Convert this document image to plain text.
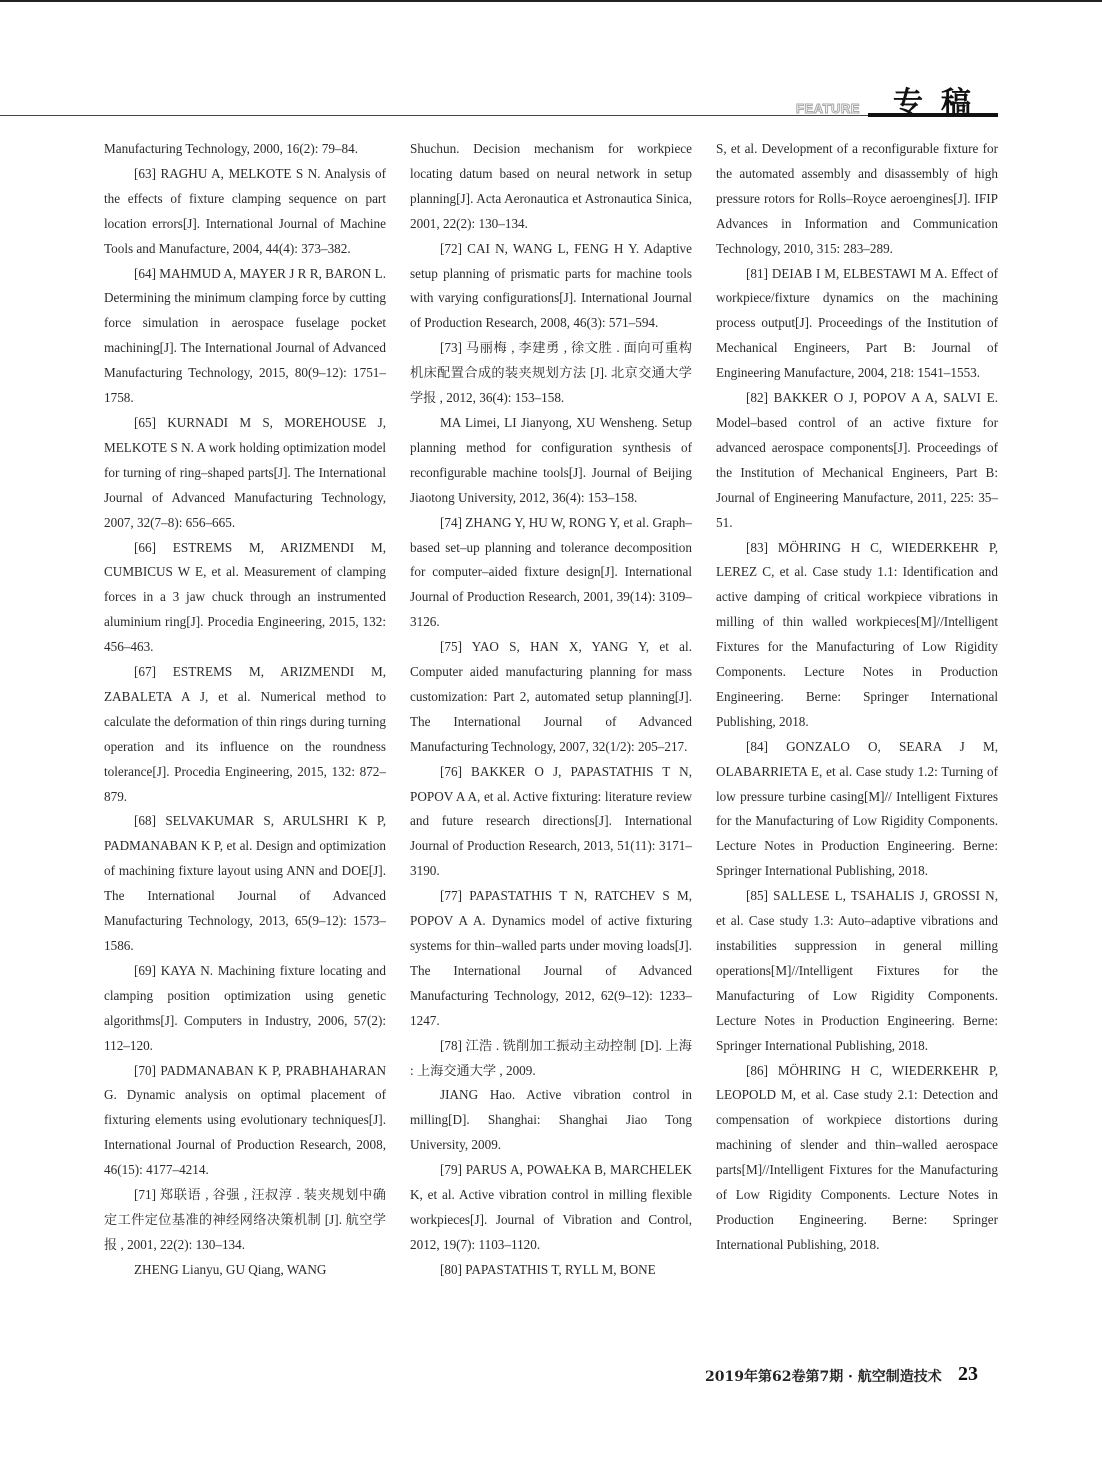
FEATURE 专稿

Manufacturing Technology, 2000, 16(2): 79–84.

[63] RAGHU A, MELKOTE S N. Analysis of the effects of fixture clamping sequence on part location errors[J]. International Journal of Machine Tools and Manufacture, 2004, 44(4): 373–382.

[64] MAHMUD A, MAYER J R R, BARON L. Determining the minimum clamping force by cutting force simulation in aerospace fuselage pocket machining[J]. The International Journal of Advanced Manufacturing Technology, 2015, 80(9–12): 1751–1758.

[65] KURNADI M S, MOREHOUSE J, MELKOTE S N. A work holding optimization model for turning of ring–shaped parts[J]. The International Journal of Advanced Manufacturing Technology, 2007, 32(7–8): 656–665.

[66] ESTREMS M, ARIZMENDI M, CUMBICUS W E, et al. Measurement of clamping forces in a 3 jaw chuck through an instrumented aluminium ring[J]. Procedia Engineering, 2015, 132: 456–463.

[67] ESTREMS M, ARIZMENDI M, ZABALETA A J, et al. Numerical method to calculate the deformation of thin rings during turning operation and its influence on the roundness tolerance[J]. Procedia Engineering, 2015, 132: 872–879.

[68] SELVAKUMAR S, ARULSHRI K P, PADMANABAN K P, et al. Design and optimization of machining fixture layout using ANN and DOE[J]. The International Journal of Advanced Manufacturing Technology, 2013, 65(9–12): 1573–1586.

[69] KAYA N. Machining fixture locating and clamping position optimization using genetic algorithms[J]. Computers in Industry, 2006, 57(2): 112–120.

[70] PADMANABAN K P, PRABHAHARAN G. Dynamic analysis on optimal placement of fixturing elements using evolutionary techniques[J]. International Journal of Production Research, 2008, 46(15): 4177–4214.

[71] 郑联语 , 谷强 , 汪叔淳 . 装夹规划中确定工件定位基准的神经网络决策机制 [J]. 航空学报 , 2001, 22(2): 130–134.

ZHENG Lianyu, GU Qiang, WANG

Shuchun. Decision mechanism for workpiece locating datum based on neural network in setup planning[J]. Acta Aeronautica et Astronautica Sinica, 2001, 22(2): 130–134.

[72] CAI N, WANG L, FENG H Y. Adaptive setup planning of prismatic parts for machine tools with varying configurations[J]. International Journal of Production Research, 2008, 46(3): 571–594.

[73] 马丽梅 , 李建勇 , 徐文胜 . 面向可重构机床配置合成的装夹规划方法 [J]. 北京交通大学学报 , 2012, 36(4): 153–158.

MA Limei, LI Jianyong, XU Wensheng. Setup planning method for configuration synthesis of reconfigurable machine tools[J]. Journal of Beijing Jiaotong University, 2012, 36(4): 153–158.

[74] ZHANG Y, HU W, RONG Y, et al. Graph–based set–up planning and tolerance decomposition for computer–aided fixture design[J]. International Journal of Production Research, 2001, 39(14): 3109–3126.

[75] YAO S, HAN X, YANG Y, et al. Computer aided manufacturing planning for mass customization: Part 2, automated setup planning[J]. The International Journal of Advanced Manufacturing Technology, 2007, 32(1/2): 205–217.

[76] BAKKER O J, PAPASTATHIS T N, POPOV A A, et al. Active fixturing: literature review and future research directions[J]. International Journal of Production Research, 2013, 51(11): 3171–3190.

[77] PAPASTATHIS T N, RATCHEV S M, POPOV A A. Dynamics model of active fixturing systems for thin–walled parts under moving loads[J]. The International Journal of Advanced Manufacturing Technology, 2012, 62(9–12): 1233–1247.

[78] 江浩 . 铣削加工振动主动控制 [D]. 上海 : 上海交通大学 , 2009.

JIANG Hao. Active vibration control in milling[D]. Shanghai: Shanghai Jiao Tong University, 2009.

[79] PARUS A, POWAŁKA B, MARCHELEK K, et al. Active vibration control in milling flexible workpieces[J]. Journal of Vibration and Control, 2012, 19(7): 1103–1120.

[80] PAPASTATHIS T, RYLL M, BONE

S, et al. Development of a reconfigurable fixture for the automated assembly and disassembly of high pressure rotors for Rolls–Royce aeroengines[J]. IFIP Advances in Information and Communication Technology, 2010, 315: 283–289.

[81] DEIAB I M, ELBESTAWI M A. Effect of workpiece/fixture dynamics on the machining process output[J]. Proceedings of the Institution of Mechanical Engineers, Part B: Journal of Engineering Manufacture, 2004, 218: 1541–1553.

[82] BAKKER O J, POPOV A A, SALVI E. Model–based control of an active fixture for advanced aerospace components[J]. Proceedings of the Institution of Mechanical Engineers, Part B: Journal of Engineering Manufacture, 2011, 225: 35–51.

[83] MÖHRING H C, WIEDERKEHR P, LEREZ C, et al. Case study 1.1: Identification and active damping of critical workpiece vibrations in milling of thin walled workpieces[M]//Intelligent Fixtures for the Manufacturing of Low Rigidity Components. Lecture Notes in Production Engineering. Berne: Springer International Publishing, 2018.

[84] GONZALO O, SEARA J M, OLABARRIETA E, et al. Case study 1.2: Turning of low pressure turbine casing[M]// Intelligent Fixtures for the Manufacturing of Low Rigidity Components. Lecture Notes in Production Engineering. Berne: Springer International Publishing, 2018.

[85] SALLESE L, TSAHALIS J, GROSSI N, et al. Case study 1.3: Auto–adaptive vibrations and instabilities suppression in general milling operations[M]//Intelligent Fixtures for the Manufacturing of Low Rigidity Components. Lecture Notes in Production Engineering. Berne: Springer International Publishing, 2018.

[86] MÖHRING H C, WIEDERKEHR P, LEOPOLD M, et al. Case study 2.1: Detection and compensation of workpiece distortions during machining of slender and thin–walled aerospace parts[M]//Intelligent Fixtures for the Manufacturing of Low Rigidity Components. Lecture Notes in Production Engineering. Berne: Springer International Publishing, 2018.

2019年第62卷第7期 · 航空制造技术 23
